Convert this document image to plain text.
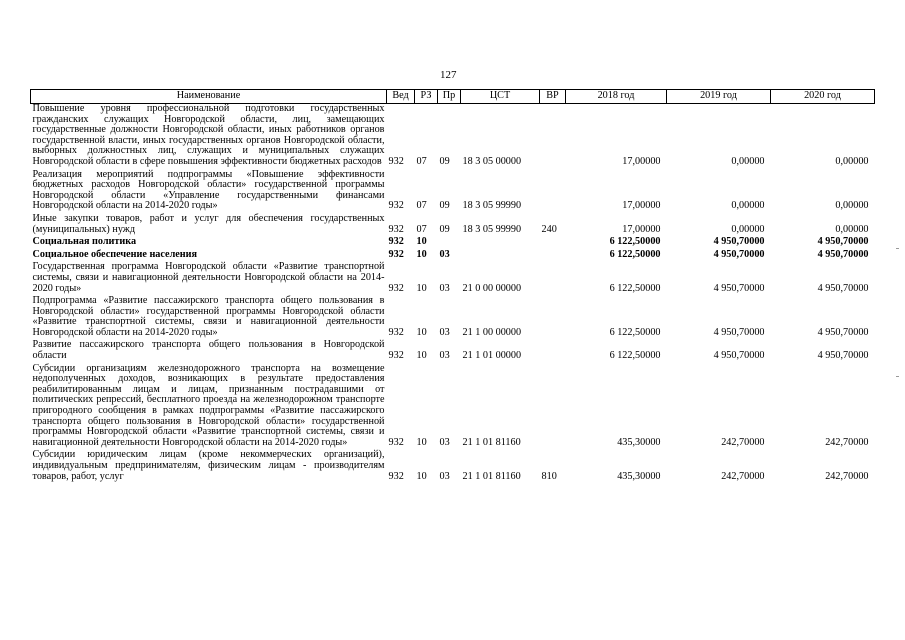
127
Наименование	Вед	РЗ	Пр	ЦСТ	ВР	2018 год	2019 год	2020 год
Повышение уровня профессиональной подготовки государственных гражданских служащих Новгородской области, лиц, замещающих государственные должности Новгородской области, иных работников органов государственной власти, иных государственных органов Новгородской области, выборных должностных лиц, служащих и муниципальных служащих Новгородской области в сфере повышения эффективности бюджетных расходов	932	07	09	18 3 05 00000		17,00000	0,00000	0,00000
Реализация мероприятий подпрограммы «Повышение эффективности бюджетных расходов Новгородской области» государственной программы Новгородской области «Управление государственными финансами Новгородской области на 2014-2020 годы»	932	07	09	18 3 05 99990		17,00000	0,00000	0,00000
Иные закупки товаров, работ и услуг для обеспечения государственных (муниципальных) нужд	932	07	09	18 3 05 99990	240	17,00000	0,00000	0,00000
Социальная политика	932	10				6 122,50000	4 950,70000	4 950,70000
Социальное обеспечение населения	932	10	03			6 122,50000	4 950,70000	4 950,70000
Государственная программа Новгородской области «Развитие транспортной системы, связи и навигационной деятельности Новгородской области на 2014-2020 годы»	932	10	03	21 0 00 00000		6 122,50000	4 950,70000	4 950,70000
Подпрограмма «Развитие пассажирского транспорта общего пользования в Новгородской области» государственной программы Новгородской области «Развитие транспортной системы, связи и навигационной деятельности Новгородской области на 2014-2020 годы»	932	10	03	21 1 00 00000		6 122,50000	4 950,70000	4 950,70000
Развитие пассажирского транспорта общего пользования в Новгородской области	932	10	03	21 1 01 00000		6 122,50000	4 950,70000	4 950,70000
Субсидии организациям железнодорожного транспорта на возмещение недополученных доходов, возникающих в результате предоставления реабилитированным лицам и лицам, признанным пострадавшими от политических репрессий, бесплатного проезда на железнодорожном транспорте пригородного сообщения в рамках подпрограммы «Развитие пассажирского транспорта общего пользования в Новгородской области» государственной программы Новгородской области «Развитие транспортной системы, связи и навигационной деятельности Новгородской области на 2014-2020 годы»	932	10	03	21 1 01 81160		435,30000	242,70000	242,70000
Субсидии юридическим лицам (кроме некоммерческих организаций), индивидуальным предпринимателям, физическим лицам - производителям товаров, работ, услуг	932	10	03	21 1 01 81160	810	435,30000	242,70000	242,70000
